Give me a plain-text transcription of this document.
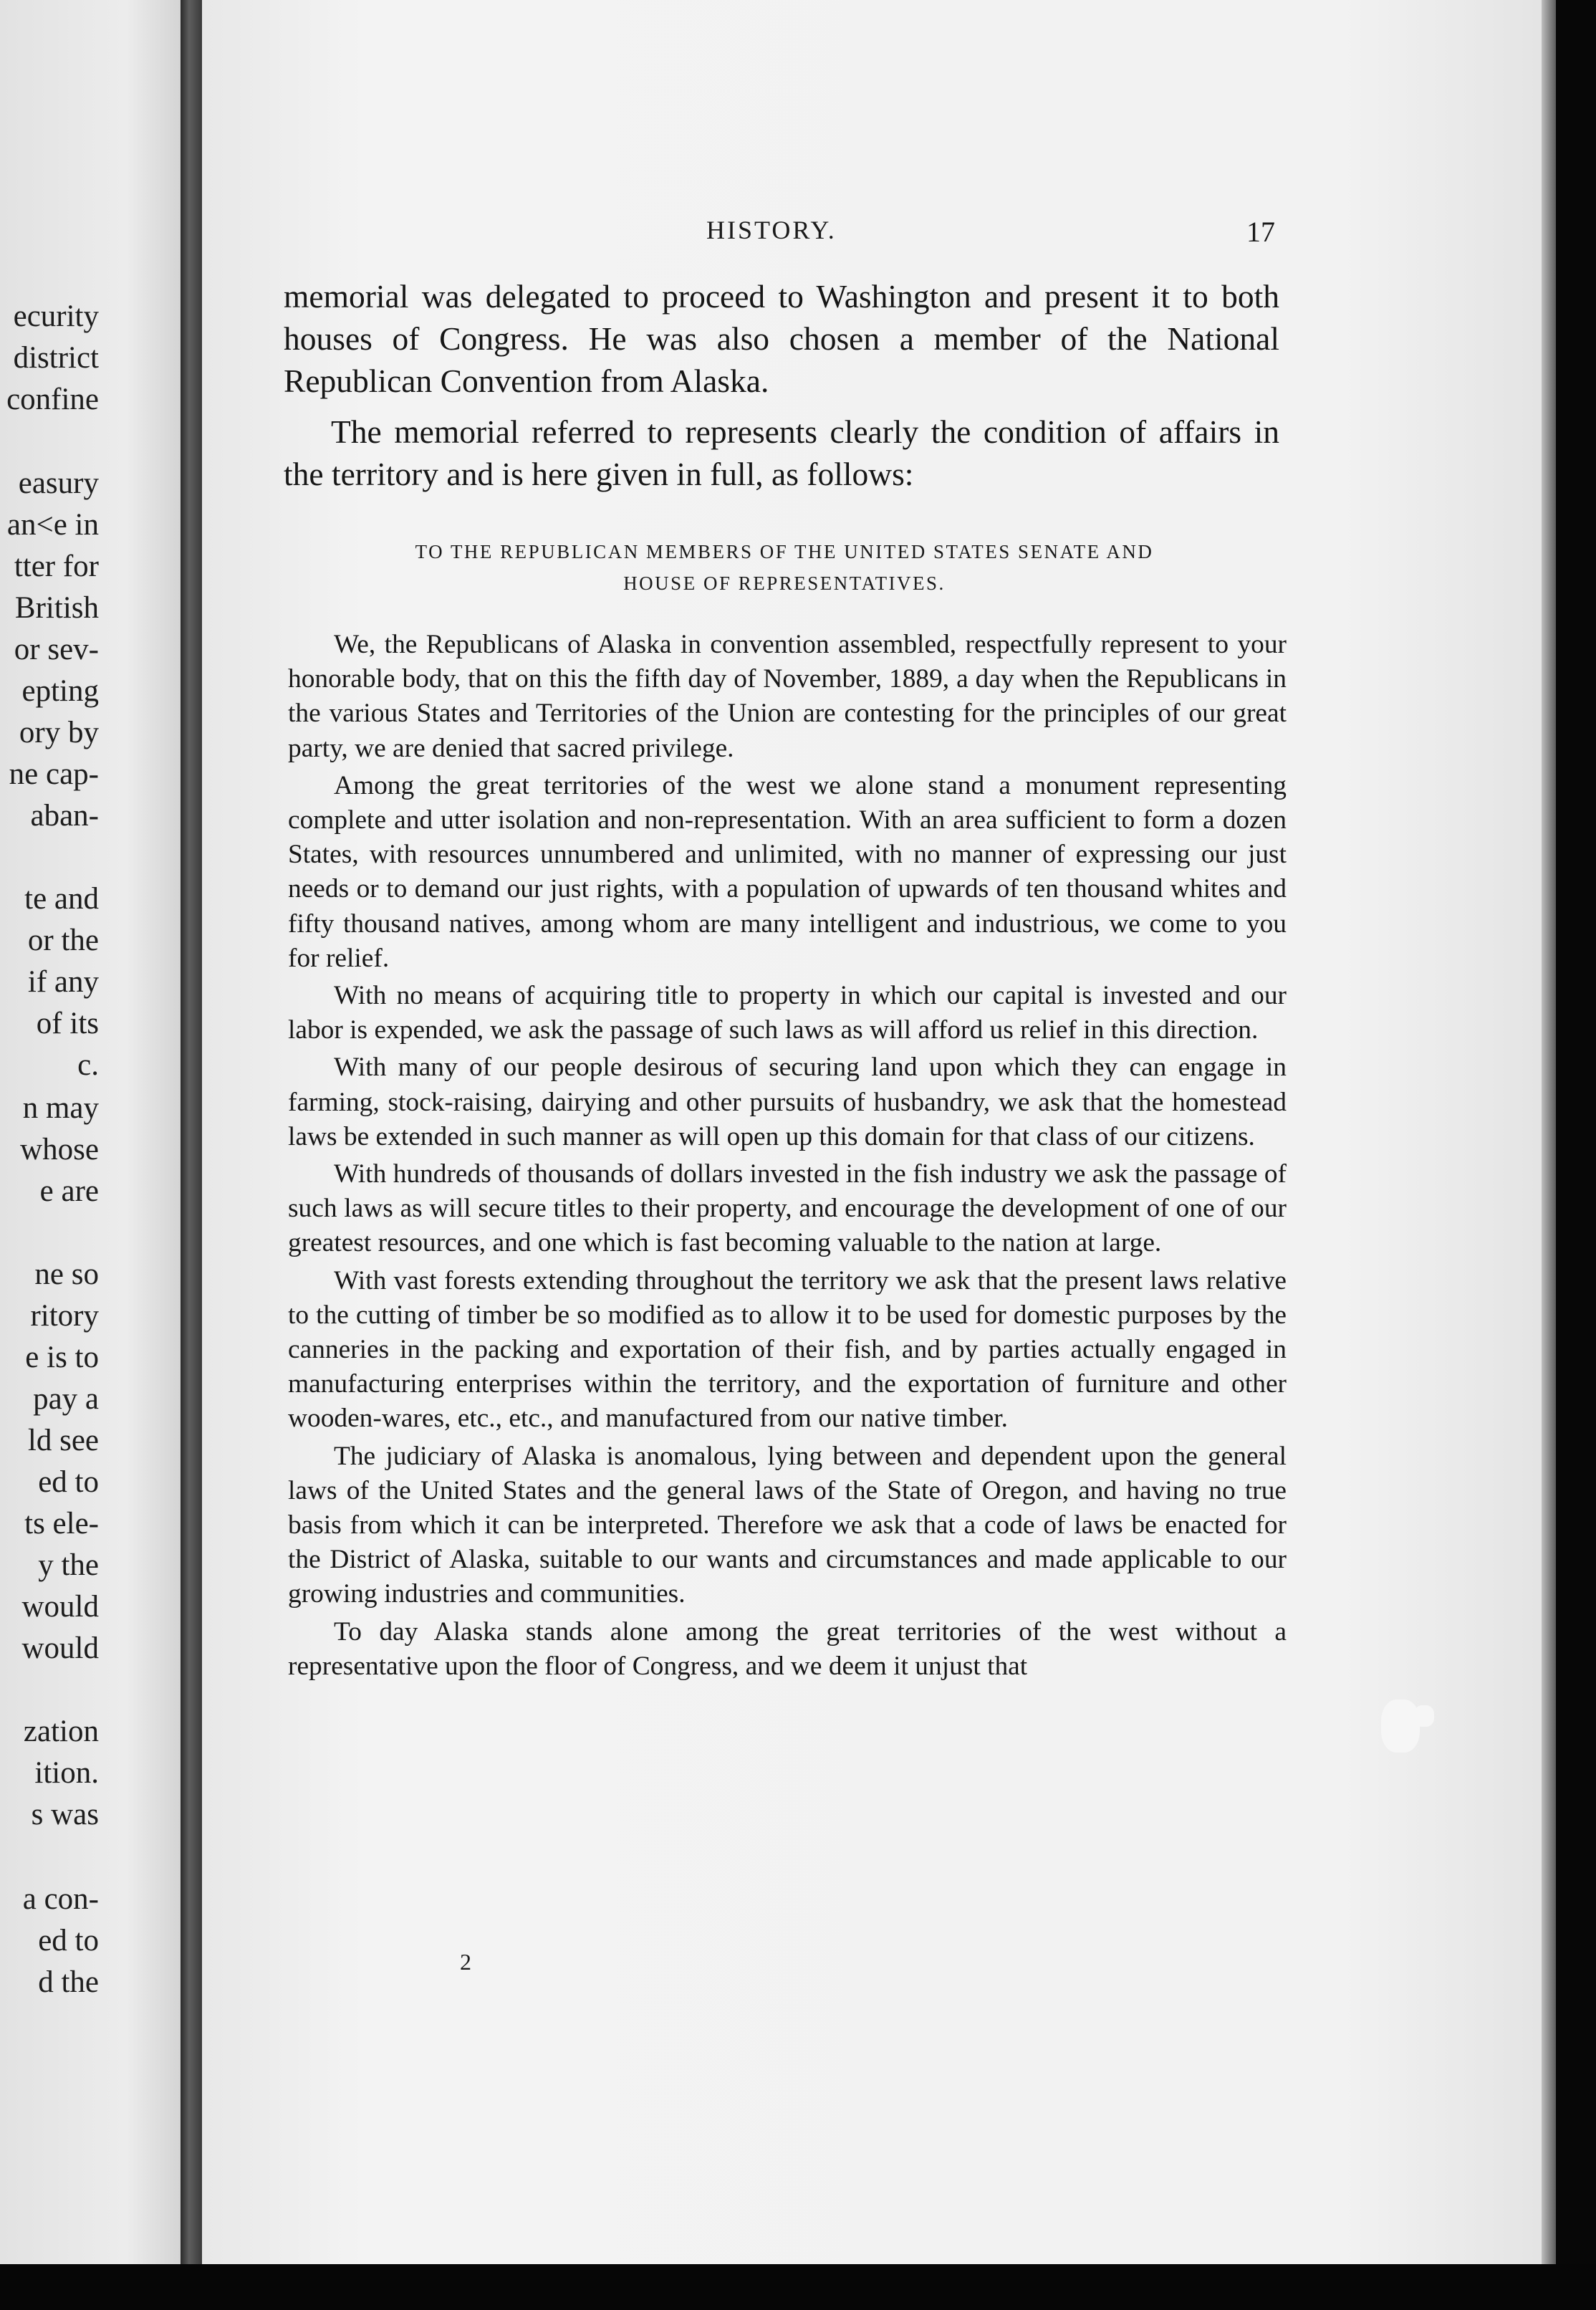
ecurity
district
confine
easury
an<e in
tter for
British
or sev-
epting
ory by
ne cap-
aban-
te and
or the
if any
of its
c.
n may
whose
e are
ne so
ritory
e is to
pay a
ld see
ed to
ts ele-
y the
would
would
zation
ition.
s was
a con-
ed to
d the
HISTORY.	17

memorial was delegated to proceed to Washington and present it to both houses of Congress. He was also chosen a member of the National Republican Convention from Alaska.

The memorial referred to represents clearly the condition of affairs in the territory and is here given in full, as follows:

TO THE REPUBLICAN MEMBERS OF THE UNITED STATES SENATE AND
HOUSE OF REPRESENTATIVES.

We, the Republicans of Alaska in convention assembled, respectfully represent to your honorable body, that on this the fifth day of November, 1889, a day when the Republicans in the various States and Territories of the Union are contesting for the principles of our great party, we are denied that sacred privilege.

Among the great territories of the west we alone stand a monument representing complete and utter isolation and non-representation. With an area sufficient to form a dozen States, with resources unnumbered and unlimited, with no manner of expressing our just needs or to demand our just rights, with a population of upwards of ten thousand whites and fifty thousand natives, among whom are many intelligent and industrious, we come to you for relief.

With no means of acquiring title to property in which our capital is invested and our labor is expended, we ask the passage of such laws as will afford us relief in this direction.

With many of our people desirous of securing land upon which they can engage in farming, stock-raising, dairying and other pursuits of husbandry, we ask that the homestead laws be extended in such manner as will open up this domain for that class of our citizens.

With hundreds of thousands of dollars invested in the fish industry we ask the passage of such laws as will secure titles to their property, and encourage the development of one of our greatest resources, and one which is fast becoming valuable to the nation at large.

With vast forests extending throughout the territory we ask that the present laws relative to the cutting of timber be so modified as to allow it to be used for domestic purposes by the canneries in the packing and exportation of their fish, and by parties actually engaged in manufacturing enterprises within the territory, and the exportation of furniture and other wooden-wares, etc., etc., and manufactured from our native timber.

The judiciary of Alaska is anomalous, lying between and dependent upon the general laws of the United States and the general laws of the State of Oregon, and having no true basis from which it can be interpreted. Therefore we ask that a code of laws be enacted for the District of Alaska, suitable to our wants and circumstances and made applicable to our growing industries and communities.

To day Alaska stands alone among the great territories of the west without a representative upon the floor of Congress, and we deem it unjust that

2
